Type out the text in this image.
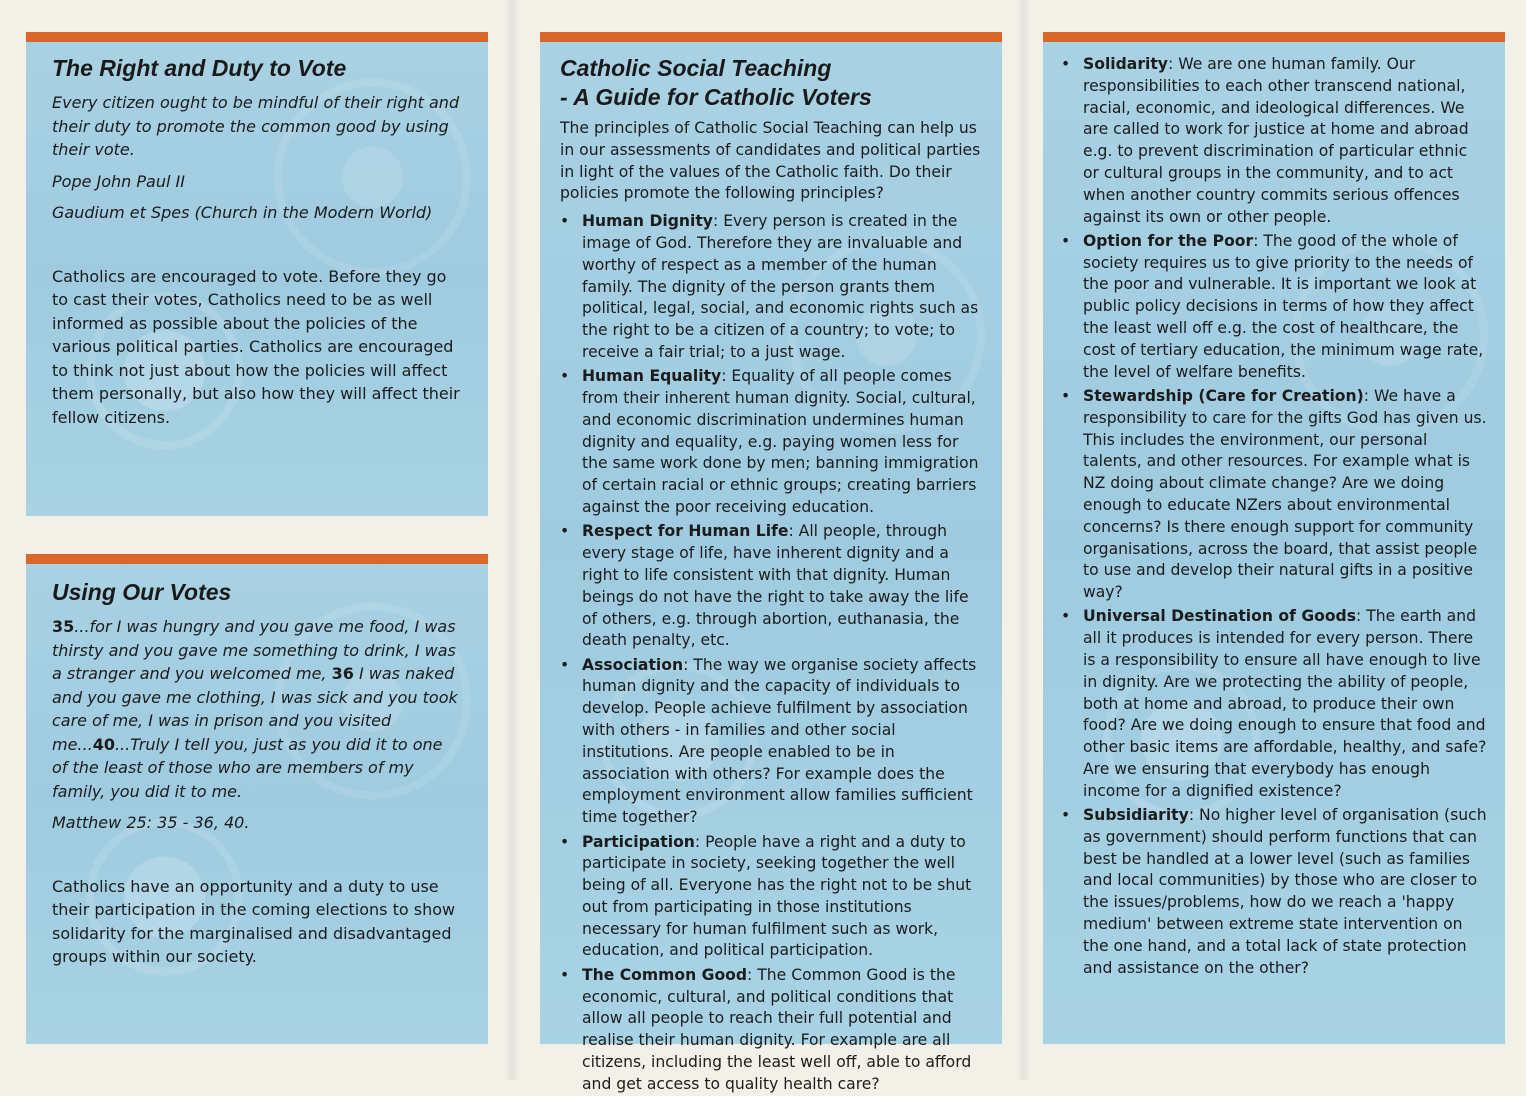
The Right and Duty to Vote

Every citizen ought to be mindful of their right and their duty to promote the common good by using their vote.

Pope John Paul II

Gaudium et Spes (Church in the Modern World)

Catholics are encouraged to vote. Before they go to cast their votes, Catholics need to be as well informed as possible about the policies of the various political parties. Catholics are encouraged to think not just about how the policies will affect them personally, but also how they will affect their fellow citizens.

Using Our Votes

35...for I was hungry and you gave me food, I was thirsty and you gave me something to drink, I was a stranger and you welcomed me, 36 I was naked and you gave me clothing, I was sick and you took care of me, I was in prison and you visited me...40...Truly I tell you, just as you did it to one of the least of those who are members of my family, you did it to me.

Matthew 25: 35 - 36, 40.

Catholics have an opportunity and a duty to use their participation in the coming elections to show solidarity for the marginalised and disadvantaged groups within our society.

Catholic Social Teaching
- A Guide for Catholic Voters

The principles of Catholic Social Teaching can help us in our assessments of candidates and political parties in light of the values of the Catholic faith. Do their policies promote the following principles?

• Human Dignity: Every person is created in the image of God. Therefore they are invaluable and worthy of respect as a member of the human family. The dignity of the person grants them political, legal, social, and economic rights such as the right to be a citizen of a country; to vote; to receive a fair trial; to a just wage.
• Human Equality: Equality of all people comes from their inherent human dignity. Social, cultural, and economic discrimination undermines human dignity and equality, e.g. paying women less for the same work done by men; banning immigration of certain racial or ethnic groups; creating barriers against the poor receiving education.
• Respect for Human Life: All people, through every stage of life, have inherent dignity and a right to life consistent with that dignity. Human beings do not have the right to take away the life of others, e.g. through abortion, euthanasia, the death penalty, etc.
• Association: The way we organise society affects human dignity and the capacity of individuals to develop. People achieve fulfilment by association with others - in families and other social institutions. Are people enabled to be in association with others? For example does the employment environment allow families sufficient time together?
• Participation: People have a right and a duty to participate in society, seeking together the well being of all. Everyone has the right not to be shut out from participating in those institutions necessary for human fulfilment such as work, education, and political participation.
• The Common Good: The Common Good is the economic, cultural, and political conditions that allow all people to reach their full potential and realise their human dignity. For example are all citizens, including the least well off, able to afford and get access to quality health care?
• Solidarity: We are one human family. Our responsibilities to each other transcend national, racial, economic, and ideological differences. We are called to work for justice at home and abroad e.g. to prevent discrimination of particular ethnic or cultural groups in the community, and to act when another country commits serious offences against its own or other people.
• Option for the Poor: The good of the whole of society requires us to give priority to the needs of the poor and vulnerable. It is important we look at public policy decisions in terms of how they affect the least well off e.g. the cost of healthcare, the cost of tertiary education, the minimum wage rate, the level of welfare benefits.
• Stewardship (Care for Creation): We have a responsibility to care for the gifts God has given us. This includes the environment, our personal talents, and other resources. For example what is NZ doing about climate change? Are we doing enough to educate NZers about environmental concerns? Is there enough support for community organisations, across the board, that assist people to use and develop their natural gifts in a positive way?
• Universal Destination of Goods: The earth and all it produces is intended for every person. There is a responsibility to ensure all have enough to live in dignity. Are we protecting the ability of people, both at home and abroad, to produce their own food? Are we doing enough to ensure that food and other basic items are affordable, healthy, and safe? Are we ensuring that everybody has enough income for a dignified existence?
• Subsidiarity: No higher level of organisation (such as government) should perform functions that can best be handled at a lower level (such as families and local communities) by those who are closer to the issues/problems, how do we reach a 'happy medium' between extreme state intervention on the one hand, and a total lack of state protection and assistance on the other?
